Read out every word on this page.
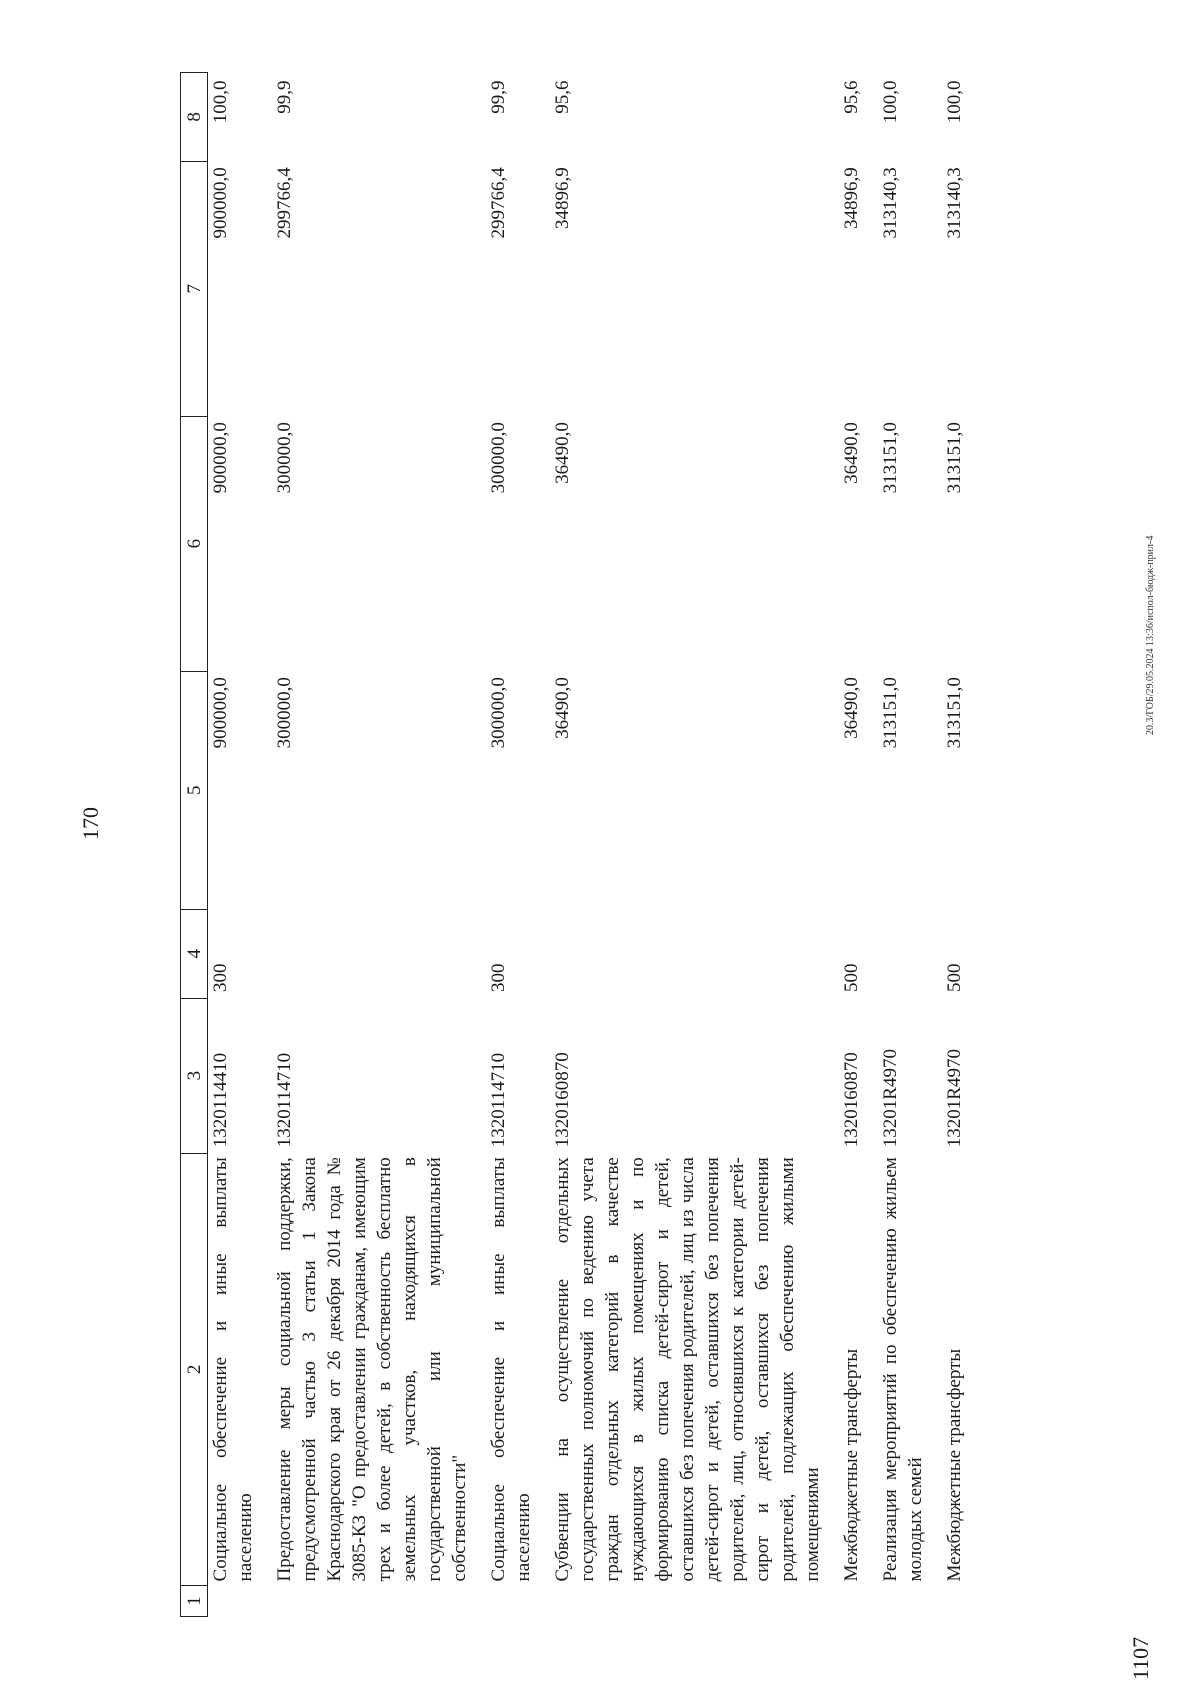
170
1	2	3	4	5	6	7	8
	Социальное обеспечение и иные выплаты населению	1320114410	300	900000,0	900000,0	900000,0	100,0

	Предоставление меры социальной поддержки, предусмотренной частью 3 статьи 1 Закона Краснодарского края от 26 декабря 2014 года № 3085-КЗ "О предоставлении гражданам, имеющим трех и более детей, в собственность бесплатно земельных участков, находящихся в государственной или муниципальной собственности"	1320114710		300000,0	300000,0	299766,4	99,9

	Социальное обеспечение и иные выплаты населению	1320114710	300	300000,0	300000,0	299766,4	99,9

	Субвенции на осуществление отдельных государственных полномочий по ведению учета граждан отдельных категорий в качестве нуждающихся в жилых помещениях и по формированию списка детей-сирот и детей, оставшихся без попечения родителей, лиц из числа детей-сирот и детей, оставшихся без попечения родителей, лиц, относившихся к категории детей-сирот и детей, оставшихся без попечения родителей, подлежащих обеспечению жилыми помещениями	1320160870		36490,0	36490,0	34896,9	95,6

	Межбюджетные трансферты	1320160870	500	36490,0	36490,0	34896,9	95,6

	Реализация мероприятий по обеспечению жильем молодых семей	13201R4970		313151,0	313151,0	313140,3	100,0

	Межбюджетные трансферты	13201R4970	500	313151,0	313151,0	313140,3	100,0
20.3/ГОБ/29.05.2024 13:36/испол-бюдж-прил-4
1107
